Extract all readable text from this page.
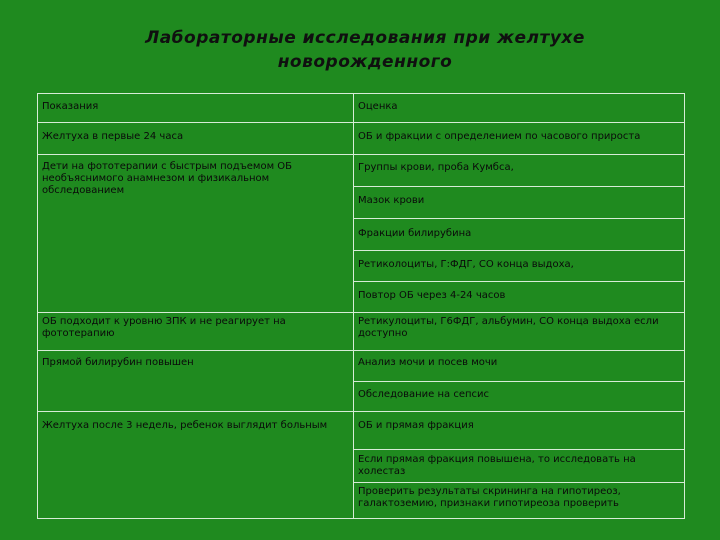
Лабораторные исследования при желтухе
новорожденного
Показания	Оценка
Желтуха в первые 24 часа	ОБ и фракции с определением по часового прироста
Дети на фототерапии с быстрым подъемом ОБ необъяснимого анамнезом и физикальном обследованием	Группы крови, проба Кумбса,
	Мазок крови
	Фракции билирубина
	Ретиколоциты, Г:ФДГ, СО конца выдоха,
	Повтор ОБ через 4-24 часов
ОБ подходит к уровню ЗПК и не реагирует на фототерапию	Ретикулоциты, Г6ФДГ, альбумин, СО конца выдоха если доступно
Прямой билирубин повышен	Анализ мочи и посев мочи
	Обследование на сепсис
Желтуха после 3 недель, ребенок выглядит больным	ОБ и прямая фракция
	Если прямая фракция повышена, то исследовать на холестаз
	Проверить результаты скрининга на гипотиреоз, галактоземию, признаки гипотиреоза проверить
